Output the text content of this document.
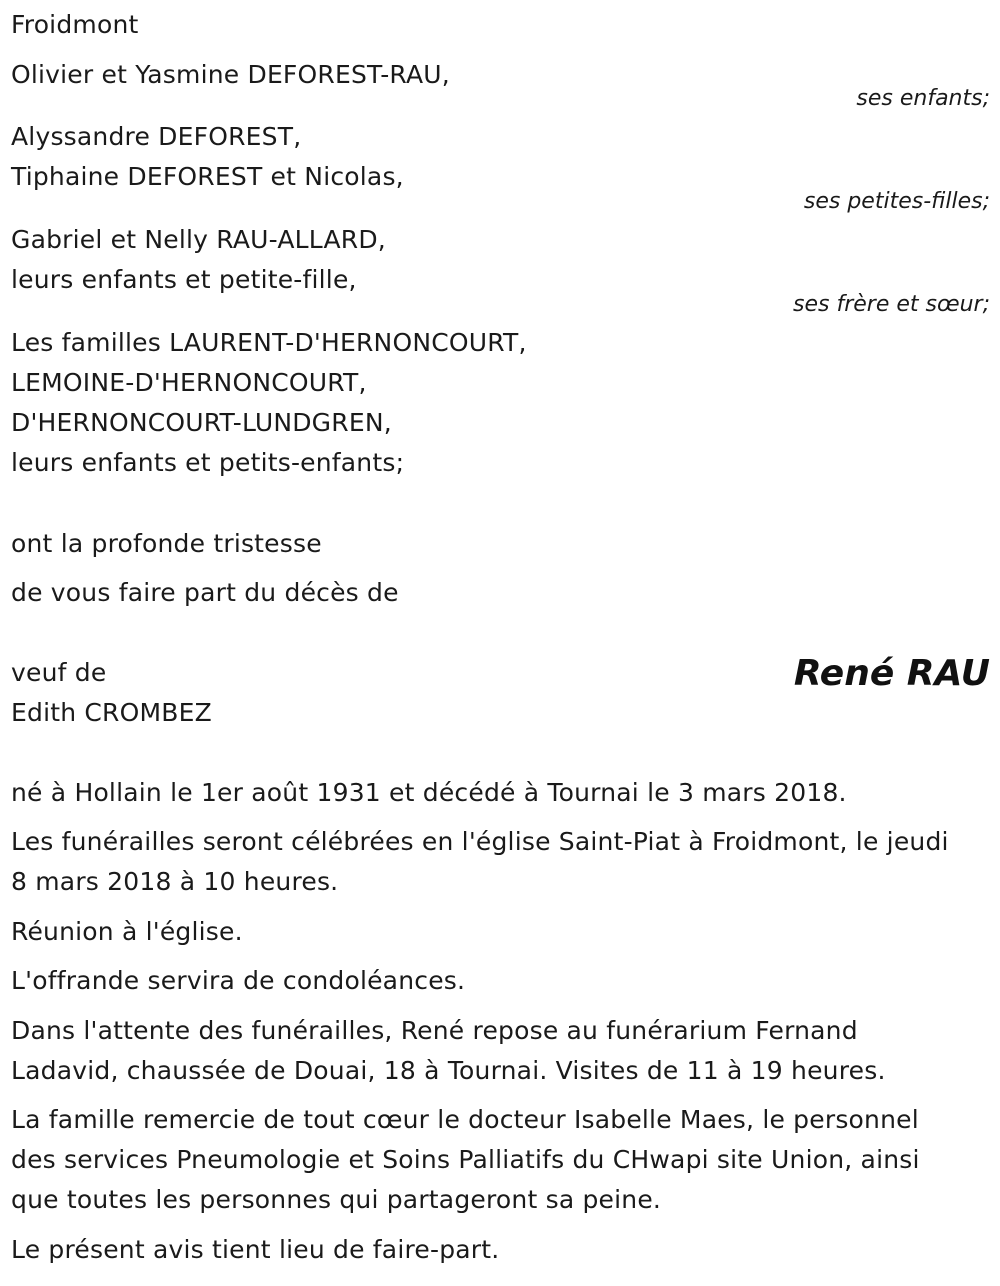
Froidmont
Olivier et Yasmine DEFOREST-RAU,
ses enfants;
Alyssandre DEFOREST,
Tiphaine DEFOREST et Nicolas,
ses petites-filles;
Gabriel et Nelly RAU-ALLARD,
leurs enfants et petite-fille,
ses frère et sœur;
Les familles LAURENT-D'HERNONCOURT,
LEMOINE-D'HERNONCOURT,
D'HERNONCOURT-LUNDGREN,
leurs enfants et petits-enfants;
ont la profonde tristesse
de vous faire part du décès de
veuf de	René RAU
Edith CROMBEZ
né à Hollain le 1er août 1931 et décédé à Tournai le 3 mars 2018.
Les funérailles seront célébrées en l'église Saint-Piat à Froidmont, le jeudi
8 mars 2018 à 10 heures.
Réunion à l'église.
L'offrande servira de condoléances.
Dans l'attente des funérailles, René repose au funérarium Fernand
Ladavid, chaussée de Douai, 18 à Tournai. Visites de 11 à 19 heures.
La famille remercie de tout cœur le docteur Isabelle Maes, le personnel
des services Pneumologie et Soins Palliatifs du CHwapi site Union, ainsi
que toutes les personnes qui partageront sa peine.
Le présent avis tient lieu de faire-part.
